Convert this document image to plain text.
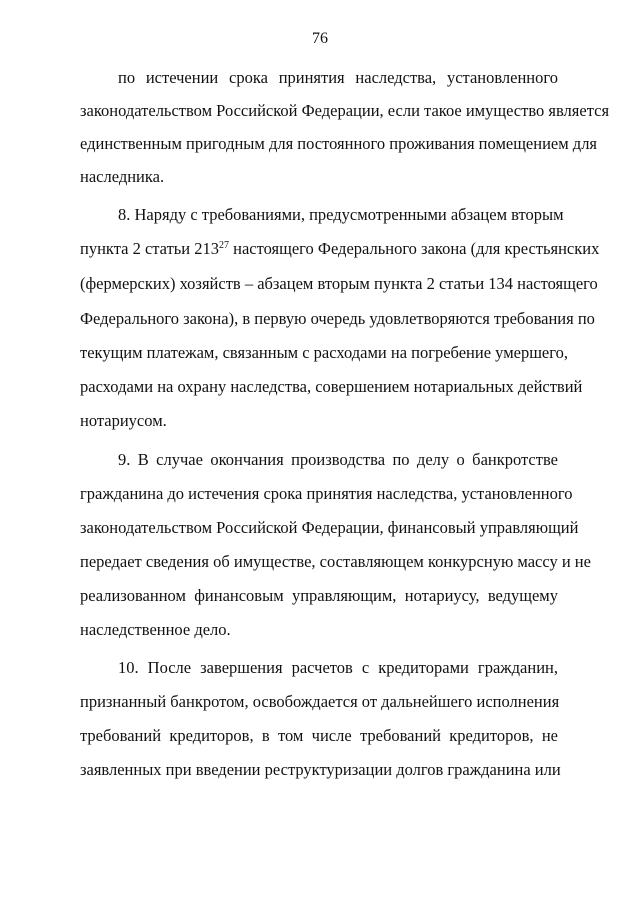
76
по истечении срока принятия наследства, установленного
законодательством Российской Федерации, если такое имущество является
единственным пригодным для постоянного проживания помещением для
наследника.
8. Наряду с требованиями, предусмотренными абзацем вторым
пункта 2 статьи $213^{27}$ настоящего Федерального закона (для крестьянских
(фермерских) хозяйств – абзацем вторым пункта 2 статьи 134 настоящего
Федерального закона), в первую очередь удовлетворяются требования по
текущим платежам, связанным с расходами на погребение умершего,
расходами на охрану наследства, совершением нотариальных действий
нотариусом.
9. В случае окончания производства по делу о банкротстве
гражданина до истечения срока принятия наследства, установленного
законодательством Российской Федерации, финансовый управляющий
передает сведения об имуществе, составляющем конкурсную массу и не
реализованном финансовым управляющим, нотариусу, ведущему
наследственное дело.
10. После завершения расчетов с кредиторами гражданин,
признанный банкротом, освобождается от дальнейшего исполнения
требований кредиторов, в том числе требований кредиторов, не
заявленных при введении реструктуризации долгов гражданина или
